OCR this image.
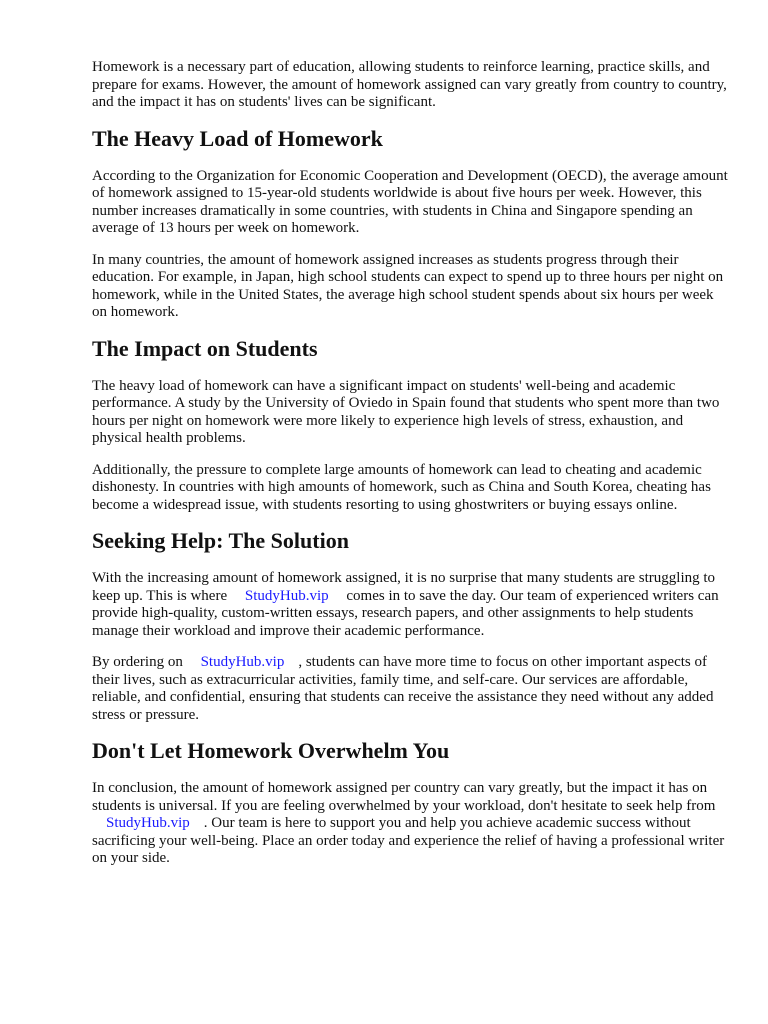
Homework is a necessary part of education, allowing students to reinforce learning, practice skills, and prepare for exams. However, the amount of homework assigned can vary greatly from country to country, and the impact it has on students' lives can be significant.

The Heavy Load of Homework

According to the Organization for Economic Cooperation and Development (OECD), the average amount of homework assigned to 15-year-old students worldwide is about five hours per week. However, this number increases dramatically in some countries, with students in China and Singapore spending an average of 13 hours per week on homework.

In many countries, the amount of homework assigned increases as students progress through their education. For example, in Japan, high school students can expect to spend up to three hours per night on homework, while in the United States, the average high school student spends about six hours per week on homework.

The Impact on Students

The heavy load of homework can have a significant impact on students' well-being and academic performance. A study by the University of Oviedo in Spain found that students who spent more than two hours per night on homework were more likely to experience high levels of stress, exhaustion, and physical health problems.

Additionally, the pressure to complete large amounts of homework can lead to cheating and academic dishonesty. In countries with high amounts of homework, such as China and South Korea, cheating has become a widespread issue, with students resorting to using ghostwriters or buying essays online.

Seeking Help: The Solution

With the increasing amount of homework assigned, it is no surprise that many students are struggling to keep up. This is where StudyHub.vip comes in to save the day. Our team of experienced writers can provide high-quality, custom-written essays, research papers, and other assignments to help students manage their workload and improve their academic performance.

By ordering on StudyHub.vip , students can have more time to focus on other important aspects of their lives, such as extracurricular activities, family time, and self-care. Our services are affordable, reliable, and confidential, ensuring that students can receive the assistance they need without any added stress or pressure.

Don't Let Homework Overwhelm You

In conclusion, the amount of homework assigned per country can vary greatly, but the impact it has on students is universal. If you are feeling overwhelmed by your workload, don't hesitate to seek help from StudyHub.vip . Our team is here to support you and help you achieve academic success without sacrificing your well-being. Place an order today and experience the relief of having a professional writer on your side.
